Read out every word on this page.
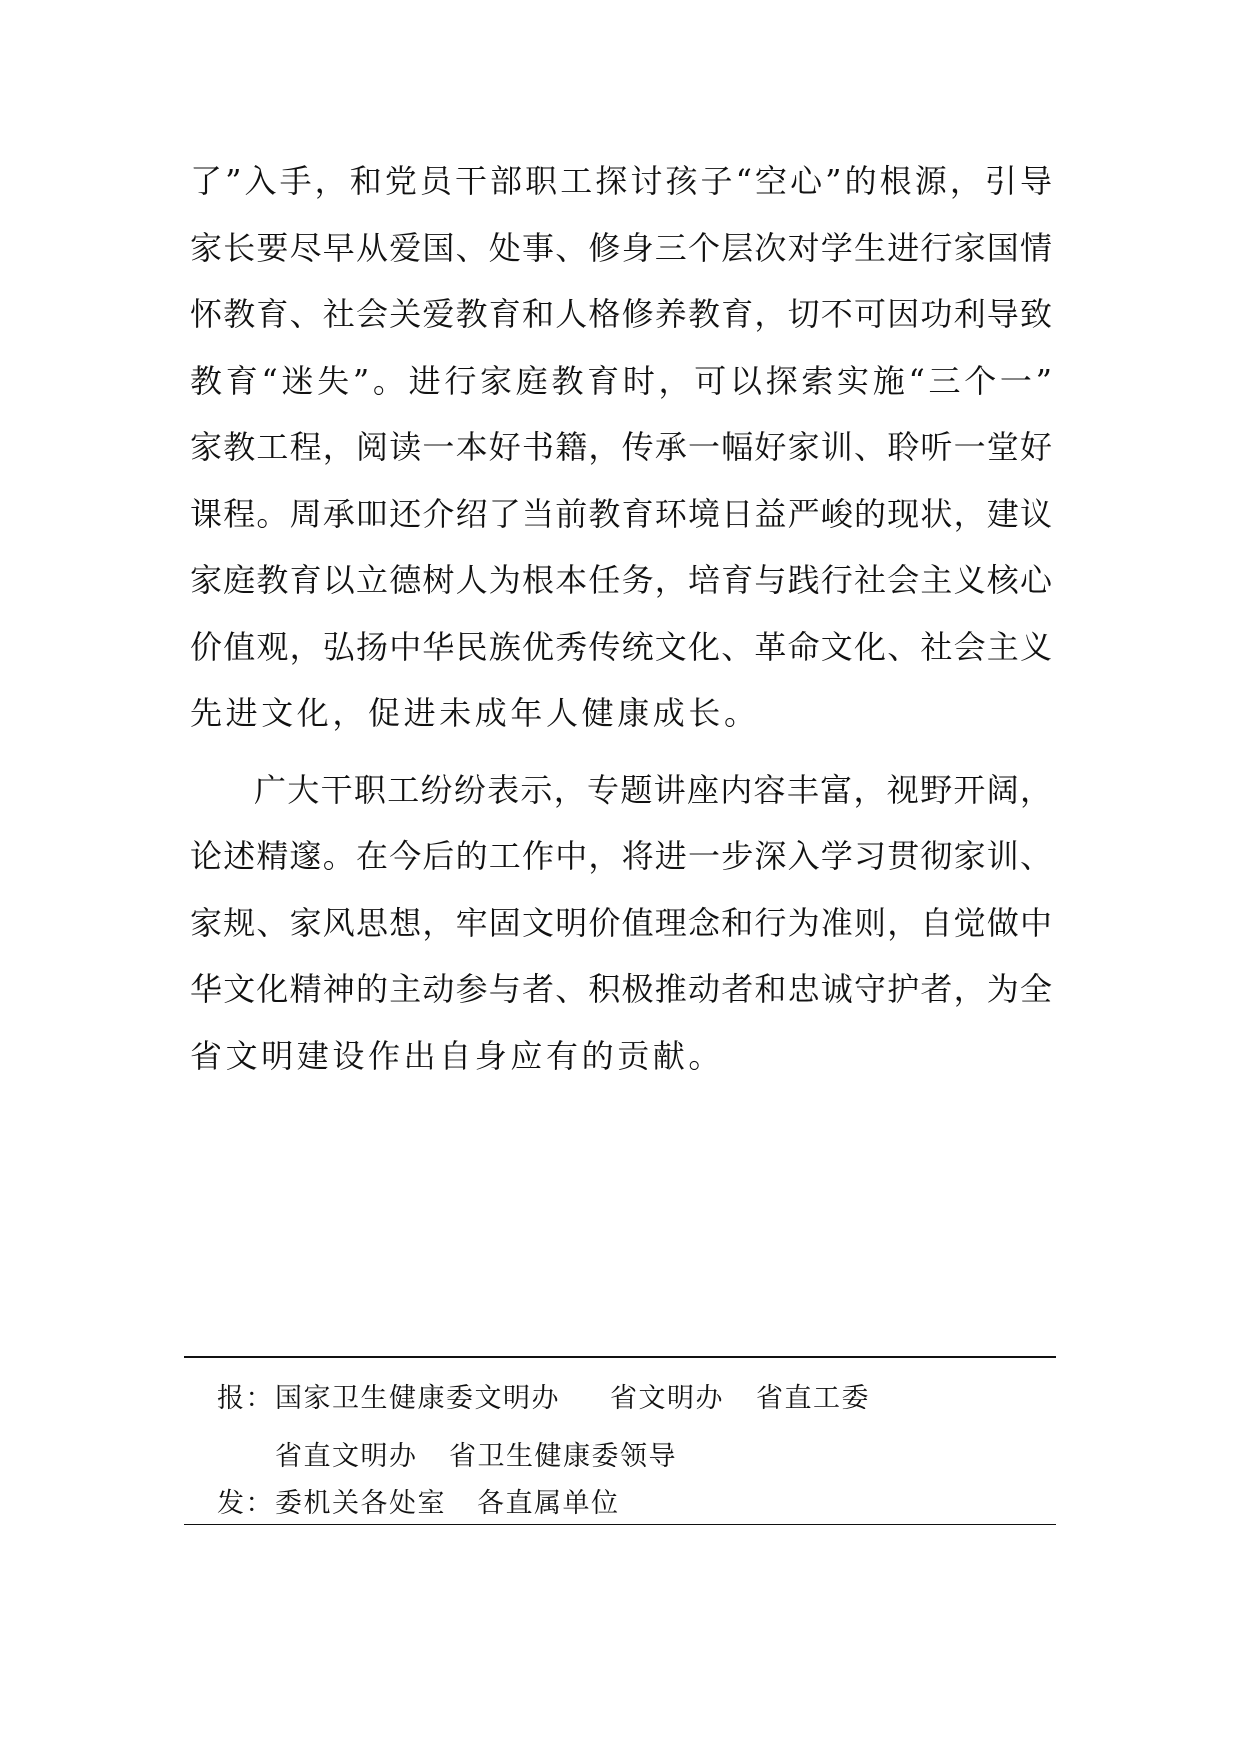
了”入手，和党员干部职工探讨孩子“空心”的根源，引导
家长要尽早从爱国、处事、修身三个层次对学生进行家国情
怀教育、社会关爱教育和人格修养教育，切不可因功利导致
教育“迷失”。进行家庭教育时，可以探索实施“三个一”
家教工程，阅读一本好书籍，传承一幅好家训、聆听一堂好
课程。周承吅还介绍了当前教育环境日益严峻的现状，建议
家庭教育以立德树人为根本任务，培育与践行社会主义核心
价值观，弘扬中华民族优秀传统文化、革命文化、社会主义
先进文化，促进未成年人健康成长。
广大干职工纷纷表示，专题讲座内容丰富，视野开阔，
论述精邃。在今后的工作中，将进一步深入学习贯彻家训、
家规、家风思想，牢固文明价值理念和行为准则，自觉做中
华文化精神的主动参与者、积极推动者和忠诚守护者，为全
省文明建设作出自身应有的贡献。
报： 国家卫生健康委文明办 省文明办 省直工委
省直文明办 省卫生健康委领导
发： 委机关各处室 各直属单位
